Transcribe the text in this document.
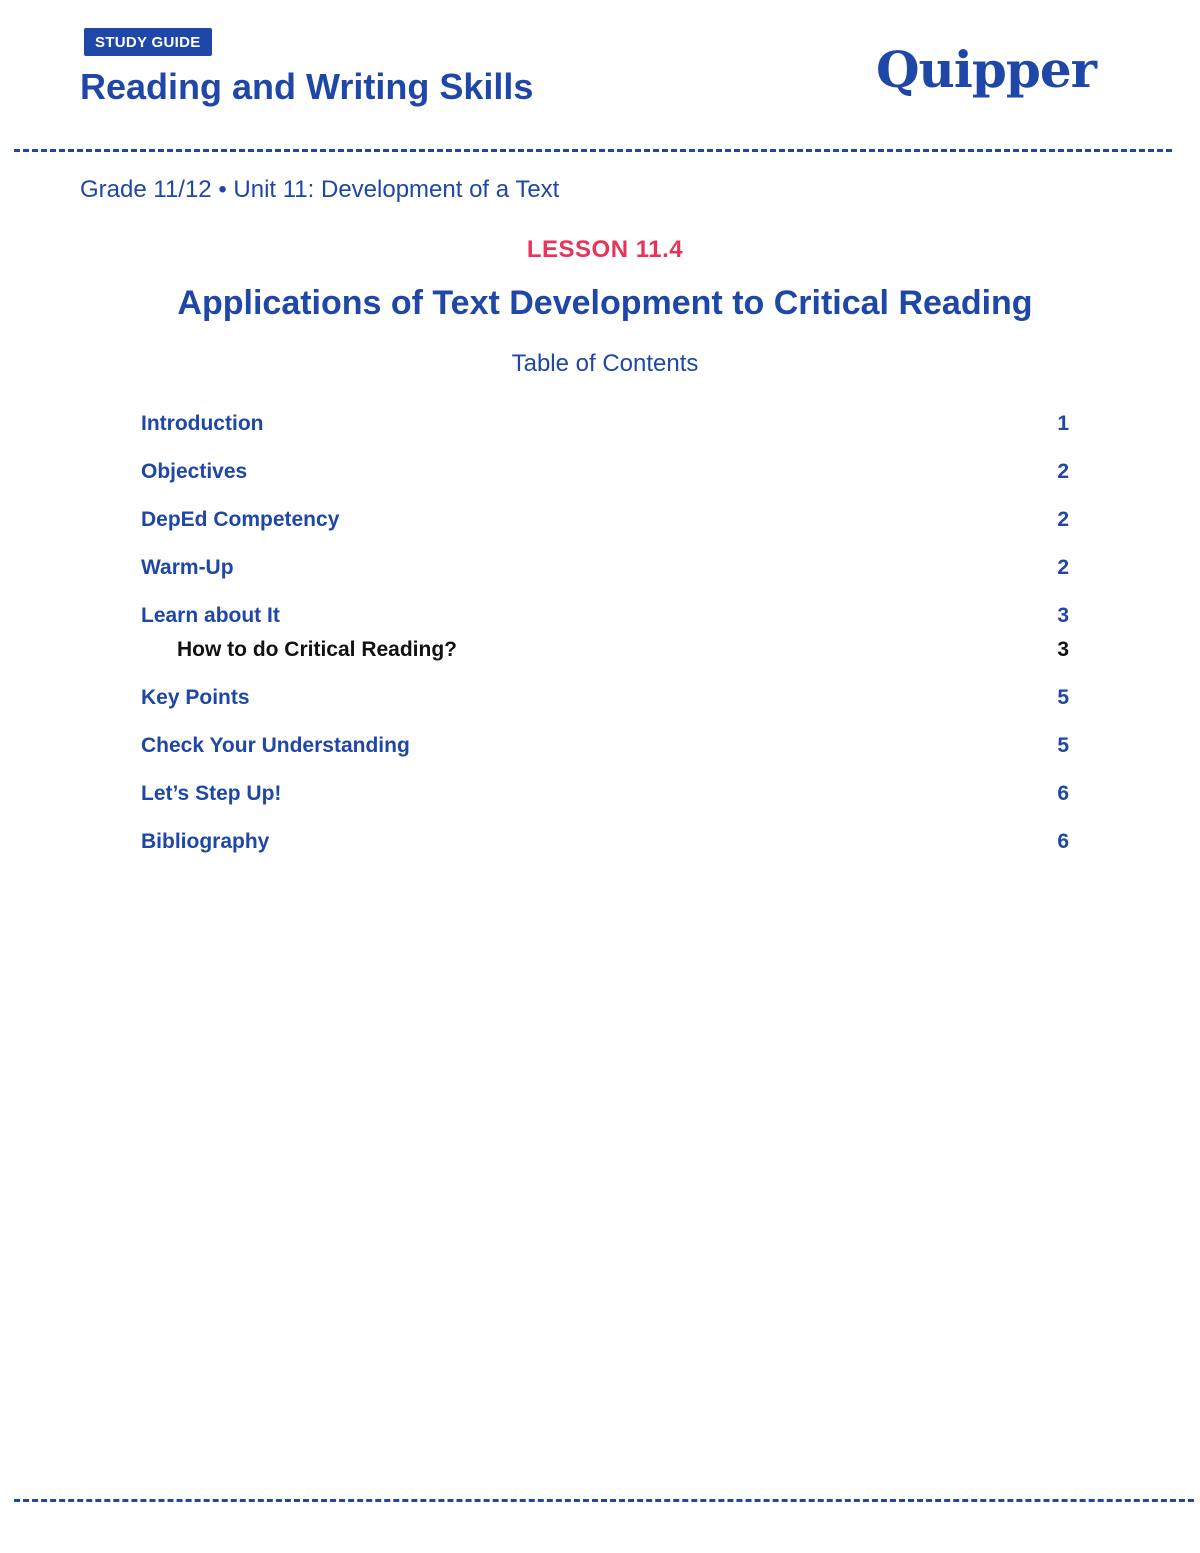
STUDY GUIDE
Reading and Writing Skills	Quipper
Grade 11/12 • Unit 11: Development of a Text
LESSON 11.4
Applications of Text Development to Critical Reading
Table of Contents
Introduction	1
Objectives	2
DepEd Competency	2
Warm-Up	2
Learn about It	3
How to do Critical Reading?	3
Key Points	5
Check Your Understanding	5
Let’s Step Up!	6
Bibliography	6
